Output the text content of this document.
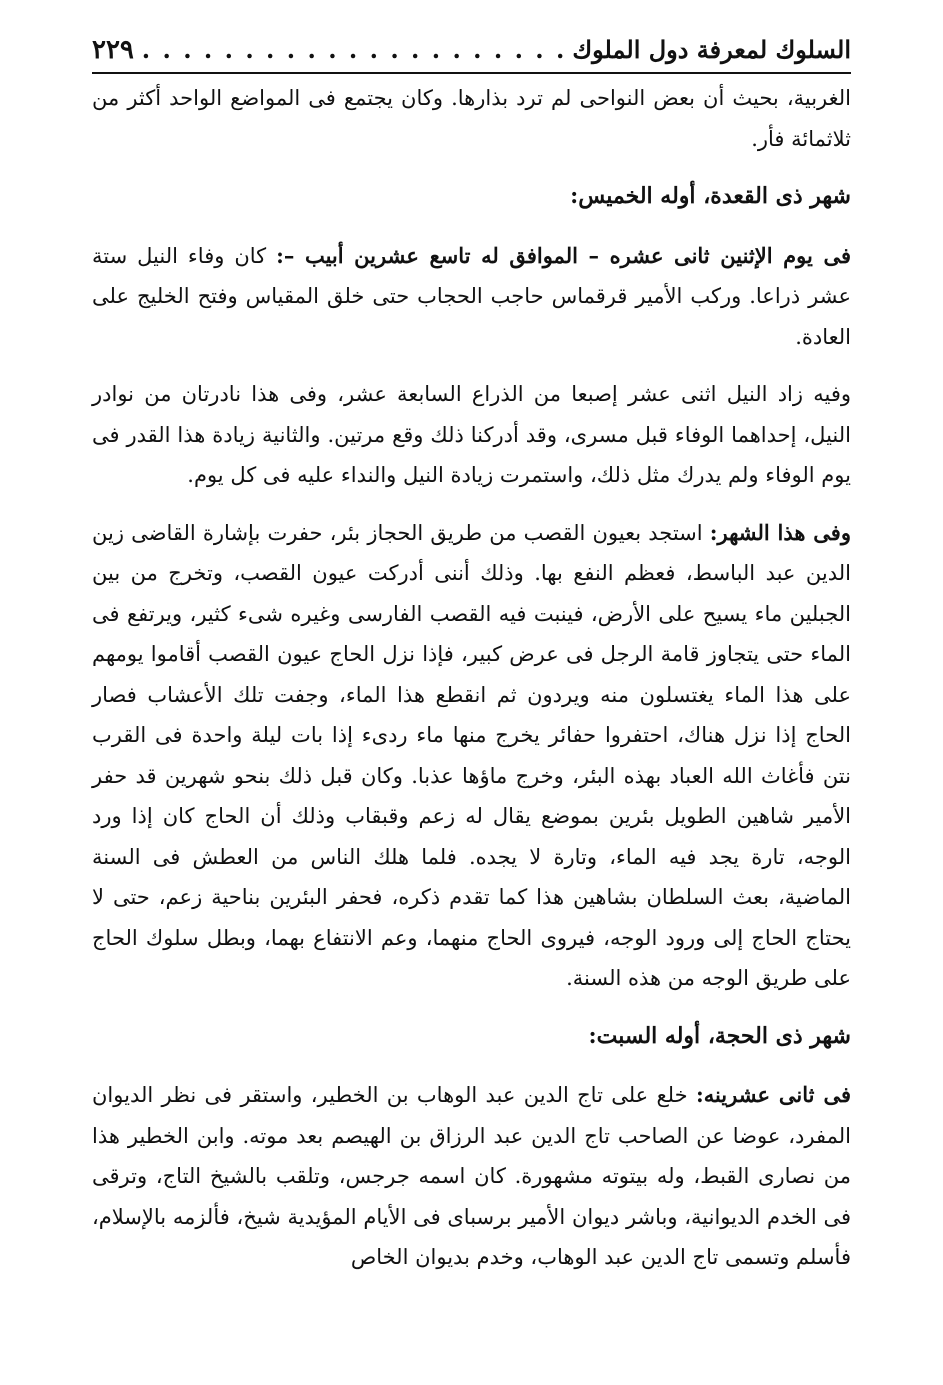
السلوك لمعرفة دول الملوك
. . .
٢٢٩

الغربية، بحيث أن بعض النواحى لم ترد بذارها. وكان يجتمع فى المواضع الواحد أكثر من ثلاثمائة فأر.

شهر ذى القعدة، أوله الخميس:

فى يوم الإثنين ثانى عشره – الموافق له تاسع عشرين أبيب –: كان وفاء النيل ستة عشر ذراعا. وركب الأمير قرقماس حاجب الحجاب حتى خلق المقياس وفتح الخليج على العادة.

وفيه زاد النيل اثنى عشر إصبعا من الذراع السابعة عشر، وفى هذا نادرتان من نوادر النيل، إحداهما الوفاء قبل مسرى، وقد أدركنا ذلك وقع مرتين. والثانية زيادة هذا القدر فى يوم الوفاء ولم يدرك مثل ذلك، واستمرت زيادة النيل والنداء عليه فى كل يوم.

وفى هذا الشهر: استجد بعيون القصب من طريق الحجاز بئر، حفرت بإشارة القاضى زين الدين عبد الباسط، فعظم النفع بها. وذلك أننى أدركت عيون القصب، وتخرج من بين الجبلين ماء يسيح على الأرض، فينبت فيه القصب الفارسى وغيره شىء كثير، ويرتفع فى الماء حتى يتجاوز قامة الرجل فى عرض كبير، فإذا نزل الحاج عيون القصب أقاموا يومهم على هذا الماء يغتسلون منه ويردون ثم انقطع هذا الماء، وجفت تلك الأعشاب فصار الحاج إذا نزل هناك، احتفروا حفائر يخرج منها ماء ردىء إذا بات ليلة واحدة فى القرب نتن فأغاث الله العباد بهذه البئر، وخرج ماؤها عذبا. وكان قبل ذلك بنحو شهرين قد حفر الأمير شاهين الطويل بئرين بموضع يقال له زعم وقبقاب وذلك أن الحاج كان إذا ورد الوجه، تارة يجد فيه الماء، وتارة لا يجده. فلما هلك الناس من العطش فى السنة الماضية، بعث السلطان بشاهين هذا كما تقدم ذكره، فحفر البئرين بناحية زعم، حتى لا يحتاج الحاج إلى ورود الوجه، فيروى الحاج منهما، وعم الانتفاع بهما، وبطل سلوك الحاج على طريق الوجه من هذه السنة.

شهر ذى الحجة، أوله السبت:

فى ثانى عشرينه: خلع على تاج الدين عبد الوهاب بن الخطير، واستقر فى نظر الديوان المفرد، عوضا عن الصاحب تاج الدين عبد الرزاق بن الهيصم بعد موته. وابن الخطير هذا من نصارى القبط، وله بيتوته مشهورة. كان اسمه جرجس، وتلقب بالشيخ التاج، وترقى فى الخدم الديوانية، وباشر ديوان الأمير برسباى فى الأيام المؤيدية شيخ، فألزمه بالإسلام، فأسلم وتسمى تاج الدين عبد الوهاب، وخدم بديوان الخاص
